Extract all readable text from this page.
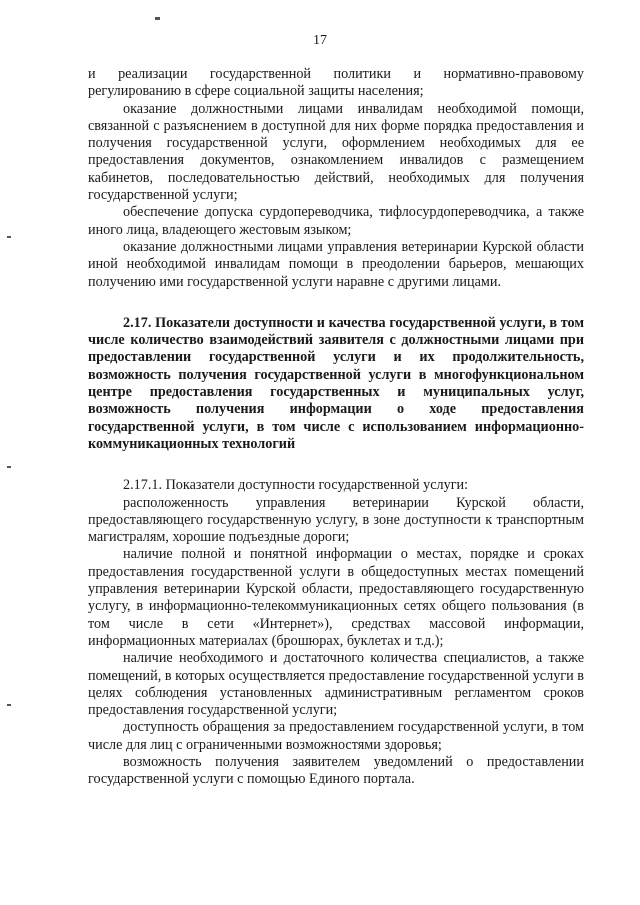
17

и реализации государственной политики и нормативно-правовому регулированию в сфере социальной защиты населения;

оказание должностными лицами инвалидам необходимой помощи, связанной с разъяснением в доступной для них форме порядка предоставления и получения государственной услуги, оформлением необходимых для ее предоставления документов, ознакомлением инвалидов с размещением кабинетов, последовательностью действий, необходимых для получения государственной услуги;

обеспечение допуска сурдопереводчика, тифлосурдопереводчика, а также иного лица, владеющего жестовым языком;

оказание должностными лицами управления ветеринарии Курской области иной необходимой инвалидам помощи в преодолении барьеров, мешающих получению ими государственной услуги наравне с другими лицами.

2.17. Показатели доступности и качества государственной услуги, в том числе количество взаимодействий заявителя с должностными лицами при предоставлении государственной услуги и их продолжительность, возможность получения государственной услуги в многофункциональном центре предоставления государственных и муниципальных услуг, возможность получения информации о ходе предоставления государственной услуги, в том числе с использованием информационно-коммуникационных технологий

2.17.1. Показатели доступности государственной услуги:

расположенность управления ветеринарии Курской области, предоставляющего государственную услугу, в зоне доступности к транспортным магистралям, хорошие подъездные дороги;

наличие полной и понятной информации о местах, порядке и сроках предоставления государственной услуги в общедоступных местах помещений управления ветеринарии Курской области, предоставляющего государственную услугу, в информационно-телекоммуникационных сетях общего пользования (в том числе в сети «Интернет»), средствах массовой информации, информационных материалах (брошюрах, буклетах и т.д.);

наличие необходимого и достаточного количества специалистов, а также помещений, в которых осуществляется предоставление государственной услуги в целях соблюдения установленных административным регламентом сроков предоставления государственной услуги;

доступность обращения за предоставлением государственной услуги, в том числе для лиц с ограниченными возможностями здоровья;

возможность получения заявителем уведомлений о предоставлении государственной услуги с помощью Единого портала.
